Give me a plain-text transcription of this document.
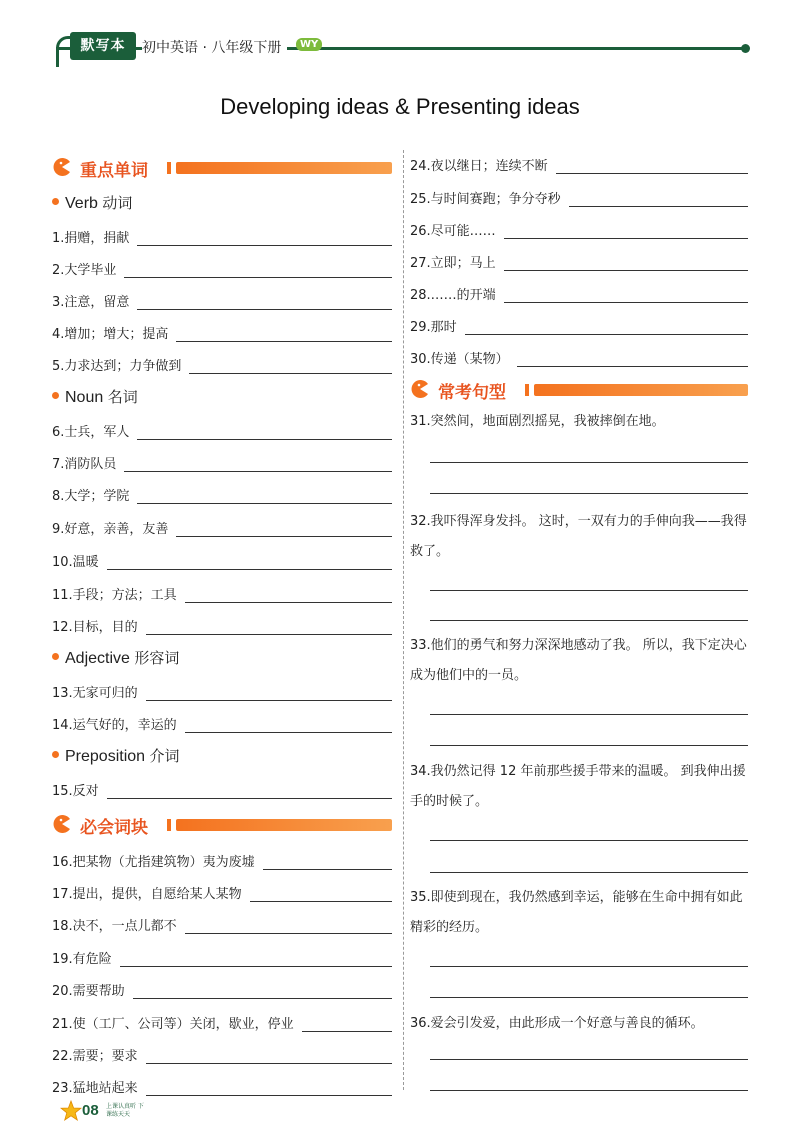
默写本	初中英语 · 八年级下册	WY
Developing ideas & Presenting ideas
重点单词
Verb 动词
1.捐赠，捐献
2.大学毕业
3.注意，留意
4.增加；增大；提高
5.力求达到；力争做到
Noun 名词
6.士兵，军人
7.消防队员
8.大学；学院
9.好意，亲善，友善
10.温暖
11.手段；方法；工具
12.目标，目的
Adjective 形容词
13.无家可归的
14.运气好的，幸运的
Preposition 介词
15.反对
必会词块
16.把某物（尤指建筑物）夷为废墟
17.提出，提供，自愿给某人某物
18.决不，一点儿都不
19.有危险
20.需要帮助
21.使（工厂、公司等）关闭，歇业，停业
22.需要；要求
23.猛地站起来
24.夜以继日；连续不断
25.与时间赛跑；争分夺秒
26.尽可能……
27.立即；马上
28.……的开端
29.那时
30.传递（某物）
常考句型
31.突然间，地面剧烈摇晃，我被摔倒在地。
32.我吓得浑身发抖。 这时，一双有力的手伸向我——我得救了。
33.他们的勇气和努力深深地感动了我。 所以，我下定决心成为他们中的一员。
34.我仍然记得 12 年前那些援手带来的温暖。 到我伸出援手的时候了。
35.即使到现在，我仍然感到幸运，能够在生命中拥有如此精彩的经历。
36.爱会引发爱，由此形成一个好意与善良的循环。
08 上课认真听 下课练天天
